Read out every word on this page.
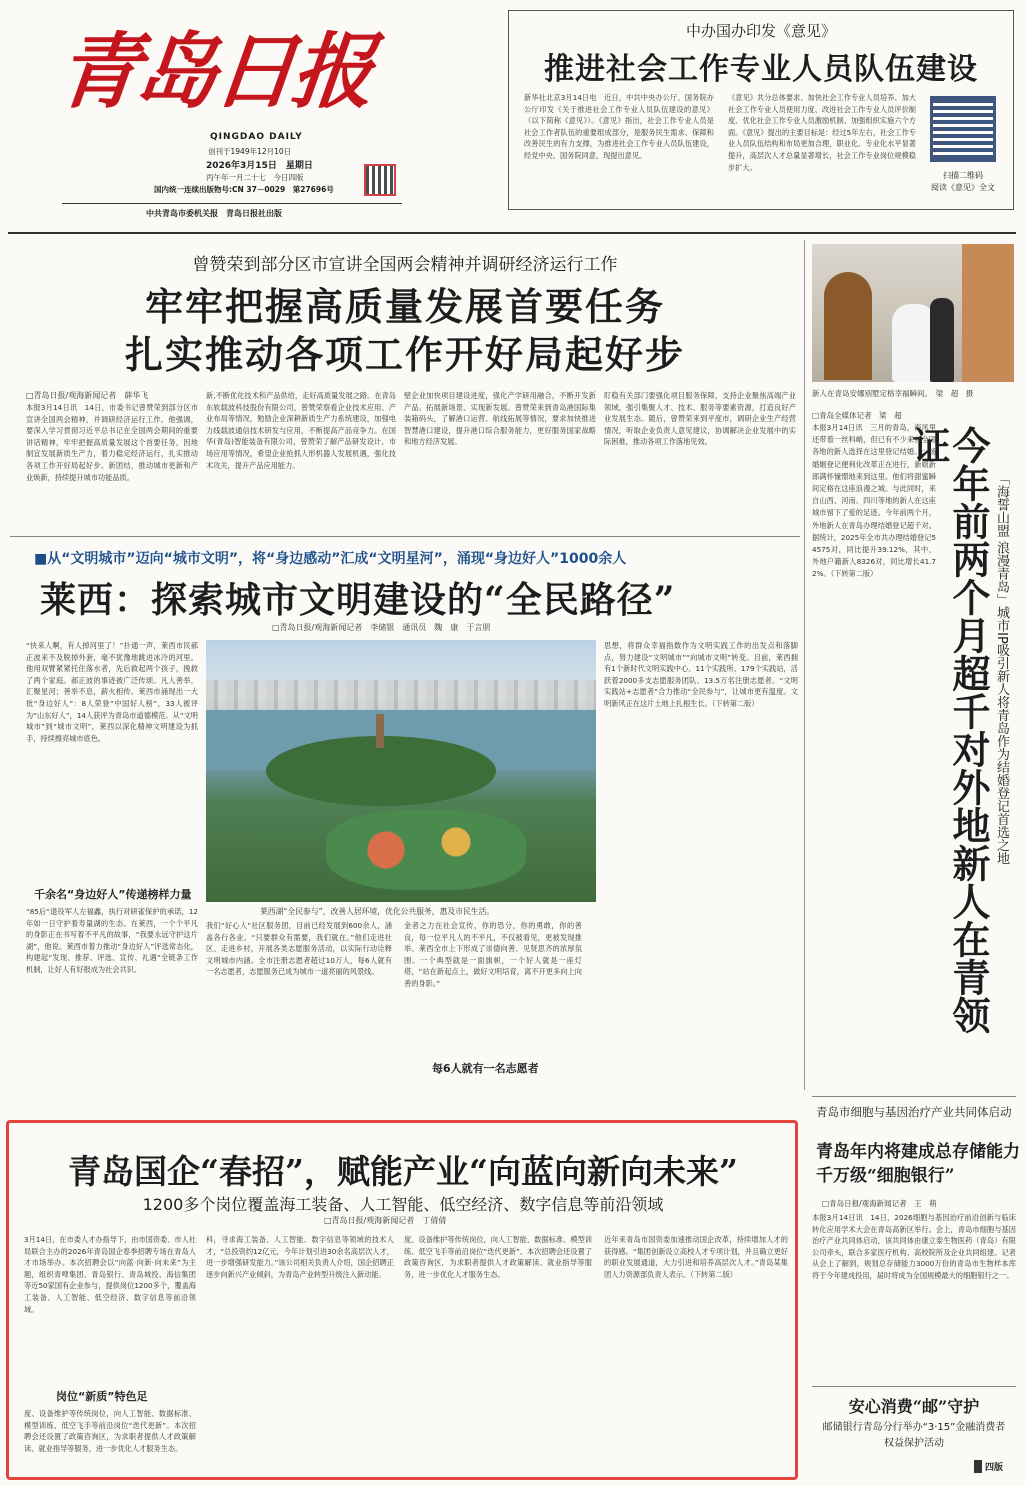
青岛日报
QINGDAO DAILY
创刊于1949年12月10日
2026年3月15日　星期日
丙午年一月二十七　今日四版
国内统一连续出版物号:CN 37－0029　第27696号
中共青岛市委机关报　青岛日报社出版
中办国办印发《意见》
推进社会工作专业人员队伍建设
新华社北京3月14日电　近日，中共中央办公厅、国务院办公厅印发《关于推进社会工作专业人员队伍建设的意见》（以下简称《意见》）。《意见》指出，社会工作专业人员是社会工作者队伍的重要组成部分，是服务民生需求、保障和改善民生的有力支撑，为推进社会工作专业人员队伍建设，经党中央、国务院同意，现提出意见。
《意见》共分总体要求、加快社会工作专业人员培养、加大社会工作专业人员使用力度、改进社会工作专业人员评价制度、优化社会工作专业人员激励机制、加强组织实施六个方面。《意见》提出的主要目标是：经过5年左右，社会工作专业人员队伍结构和布局更加合理，职业化、专业化水平显著提升，高层次人才总量显著增长，社会工作专业岗位规模稳步扩大。
扫描二维码
阅读《意见》全文
曾赞荣到部分区市宣讲全国两会精神并调研经济运行工作
牢牢把握高质量发展首要任务
扎实推动各项工作开好局起好步
□青岛日报/观海新闻记者　薛华飞
本报3月14日讯　14日，市委书记曾赞荣到部分区市宣讲全国两会精神，并调研经济运行工作。他强调，要深入学习贯彻习近平总书记在全国两会期间的重要讲话精神，牢牢把握高质量发展这个首要任务，因地制宜发展新质生产力，着力稳定经济运行，扎实推动各项工作开好局起好步。新团结，推动城市更新和产业焕新，持续提升城市功能品质。
新,不断优化技术和产品供给，走好高质量发展之路。在青岛东软载波科技股份有限公司，曾赞荣察看企业技术应用、产业布局等情况，勉励企业深耕新质生产力系统建设，加强电力线载波通信技术研发与应用，不断提高产品竞争力。在国华(青岛)智能装备有限公司，曾赞荣了解产品研发设计、市场应用等情况，希望企业抢抓人形机器人发展机遇，强化技术攻关，提升产品应用能力。
壁企业加快项目建设进度，强化产学研用融合，不断开发新产品、拓展新场景、实现新发展。曾赞荣来到青岛港国际集装箱码头，了解港口运营、航线拓展等情况，要求加快推进智慧港口建设，提升港口综合服务能力，更好服务国家战略和地方经济发展。
盯稳有关部门要强化项目服务保障，支持企业聚焦高端产业领域，强引集聚人才、技术、服务等要素资源，打造良好产业发展生态。随后，曾赞荣来到平度市，调研企业生产经营情况，听取企业负责人意见建议，协调解决企业发展中的实际困难，推动各项工作落地见效。
新人在青岛安娜别墅定格幸福瞬间。　梁　超　摄
□青岛全媒体记者　梁　超
今年前两个月超千对外地新人在青领证
「海誓山盟 浪漫青岛」城市IP吸引新人将青岛作为结婚登记首选之地
本报3月14日讯　三月的青岛，海风里还带着一丝料峭，但已有不少来自全国各地的新人选择在这里登记结婚。一场婚姻登记便利化改革正在进行，新娘新郎满怀憧憬地来到这里。他们将甜蜜瞬间定格在这座浪漫之城。与此同时，来自山西、河南、四川等地的新人在这座城市留下了爱的足迹。今年前两个月，外地新人在青岛办理结婚登记超千对。据统计，2025年全市共办理结婚登记54575对，同比提升39.12%，其中，外地户籍新人8326对，同比增长41.72%。（下转第二版）
■从“文明城市”迈向“城市文明”，将“身边感动”汇成“文明星河”，涌现“身边好人”1000余人
莱西：探索城市文明建设的“全民路径”
□青岛日报/观海新闻记者　李储银　通讯员　魏　康　于言朋
“快来人啊，有人掉河里了！”扑通一声，莱西市民郝正波来不及脱掉外套，毫不犹豫地跳进冰冷的河里。他用双臂紧紧托住落水者，先后救起两个孩子，挽救了两个家庭。郝正波的事迹被广泛传颂。凡人善举，汇聚星河；善举不息，薪火相传。莱西市涌现出一大批“身边好人”：8人荣登“中国好人榜”，33人被评为“山东好人”，14人获评为青岛市道德模范。从“文明城市”到“城市文明”，莱西以深化精神文明建设为抓手，持续擦亮城市底色。
千余名“身边好人”传递榜样力量
“85后”退役军人左福鑫，执行对研雀保护的承诺，12年如一日守护着寿量湖的生态。在莱西，一个个平凡的身影正在书写着不平凡的故事，“我要永远守护这片湖”，他说。莱西市着力推动“身边好人”评选常态化，构建起“发现、推荐、评选、宣传、礼遇”全链条工作机制，让好人有好报成为社会共识。
莱西湖“全民参与”，改善人居环境，优化公共服务，惠及市民生活。
我们“好心人”社区服务团，目前已经发展到600余人，涵盖各行各业。“只要群众有需要，我们就在。”他们走进社区、走进乡村，开展各类志愿服务活动，以实际行动诠释文明城市内涵。全市注册志愿者超过10万人，每6人就有一名志愿者，志愿服务已成为城市一道亮丽的风景线。
金者之力在社会宣传，你的恐分，你的勇敢，你的善良，每一位平凡人的不平凡，不仅被看见，更被发现推举。莱西全市上下形成了崇德向善、见贤思齐的浓厚氛围。一个典型就是一面旗帜，一个好人就是一座灯塔，“站在新起点上，做好文明培育，离不开更多向上向善的身影。”
每6人就有一名志愿者
思想，将群众幸福指数作为文明实践工作的出发点和落脚点，努力建设“文明城市”“向城市文明”转变。目前，莱西拥有1个新时代文明实践中心、11个实践所、179个实践站，活跃着2000多支志愿服务团队、13.5万名注册志愿者。“文明实践站+志愿者”合力推动“全民参与”，让城市更有温度。文明新风正在这片土地上扎根生长。（下转第二版）
青岛市细胞与基因治疗产业共同体启动
青岛年内将建成总存储能力千万级“细胞银行”
□青岛日报/观海新闻记者　王　萌
本报3月14日讯　14日，2026细胞与基因治疗前沿创新与临床转化应用学术大会在青岛高新区举行。会上，青岛市细胞与基因治疗产业共同体启动，该共同体由康立泰生物医药（青岛）有限公司牵头，联合多家医疗机构、高校院所及企业共同组建。记者从会上了解到，规划总存储能力3000万份的青岛市生物样本库将于今年建成投用，届时将成为全国规模最大的细胞银行之一。
安心消费“邮”守护
邮储银行青岛分行举办“3·15”金融消费者权益保护活动
四版
青岛国企“春招”，赋能产业“向蓝向新向未来”
1200多个岗位覆盖海工装备、人工智能、低空经济、数字信息等前沿领域
□青岛日报/观海新闻记者　丁倩倩
3月14日，在市委人才办指导下，由市国资委、市人社局联合主办的2026年青岛国企春季招聘专场在青岛人才市场举办。本次招聘会以“向蓝·向新·向未来”为主题，组织青啤集团、青岛银行、青岛城投、海信集团等近50家国有企业参与，提供岗位1200多个，覆盖海工装备、人工智能、低空经济、数字信息等前沿领域。
岗位“新质”特色足
度、设备维护等传统岗位，向人工智能、数据标准、模型训练、低空飞手等前沿岗位“迭代更新”。本次招聘会还设置了政策咨询区，为求职者提供人才政策解读、就业指导等服务，进一步优化人才服务生态。
科，寻求海工装备、人工智能、数字信息等领域的技术人才，“总投资约12亿元，今年计划引进30余名高层次人才，进一步增强研发能力。”该公司相关负责人介绍，国企招聘正逐步向新兴产业倾斜，为青岛产业转型升级注入新动能。
度、设备维护等传统岗位，向人工智能、数据标准、模型训练、低空飞手等前沿岗位“迭代更新”。本次招聘会还设置了政策咨询区，为求职者提供人才政策解读、就业指导等服务，进一步优化人才服务生态。
近年来青岛市国资委加速推动国企改革，持续增加人才的获得感。“集团创新设立高校人才专项计划，并且确立更好的职业发展通道，大力引进和培养高层次人才。”青岛某集团人力资源部负责人表示。（下转第二版）
